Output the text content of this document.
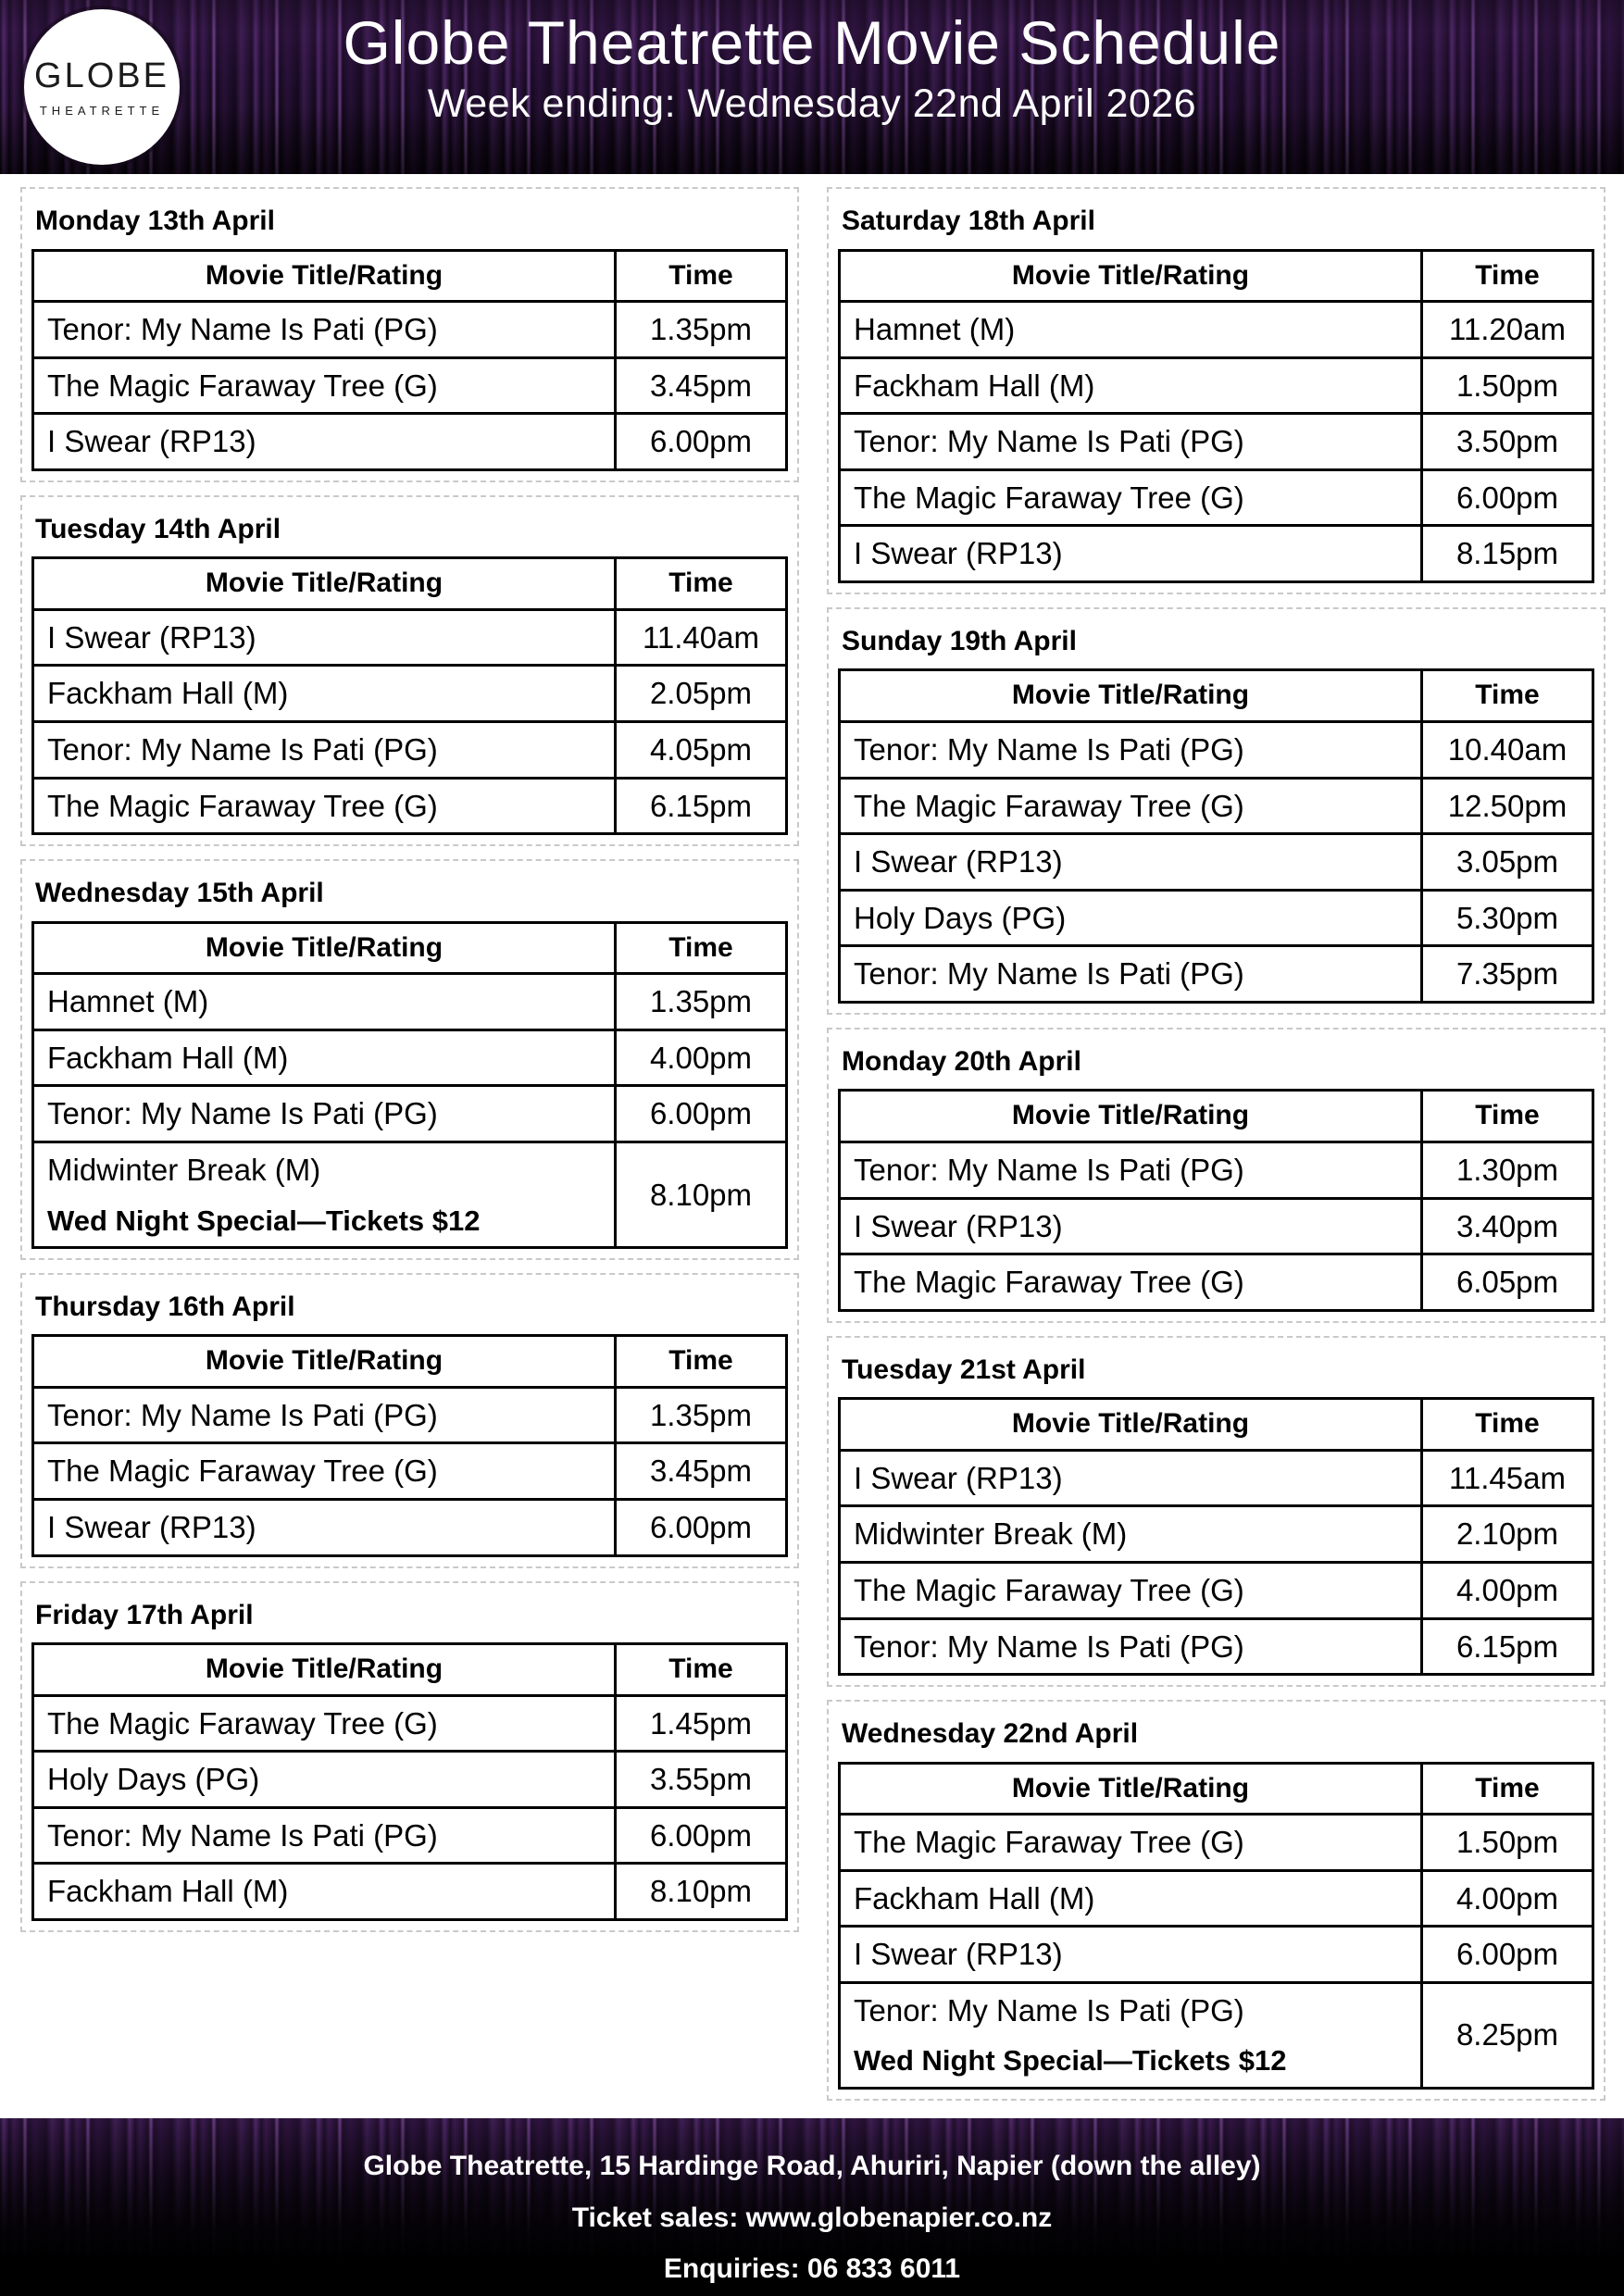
GLOBE
THEATRETTE
Globe Theatrette Movie Schedule
Week ending: Wednesday 22nd April 2026
Monday 13th April
Movie Title/Rating	Time

Tenor: My Name Is Pati (PG)	1.35pm

The Magic Faraway Tree (G)	3.45pm

I Swear (RP13)	6.00pm
Tuesday 14th April
Movie Title/Rating	Time

I Swear (RP13)	11.40am

Fackham Hall (M)	2.05pm

Tenor: My Name Is Pati (PG)	4.05pm

The Magic Faraway Tree (G)	6.15pm
Wednesday 15th April
Movie Title/Rating	Time

Hamnet (M)	1.35pm

Fackham Hall (M)	4.00pm

Tenor: My Name Is Pati (PG)	6.00pm

Midwinter Break (M)
Wed Night Special—Tickets $12	8.10pm
Thursday 16th April
Movie Title/Rating	Time

Tenor: My Name Is Pati (PG)	1.35pm

The Magic Faraway Tree (G)	3.45pm

I Swear (RP13)	6.00pm
Friday 17th April
Movie Title/Rating	Time

The Magic Faraway Tree (G)	1.45pm

Holy Days (PG)	3.55pm

Tenor: My Name Is Pati (PG)	6.00pm

Fackham Hall (M)	8.10pm
Saturday 18th April
Movie Title/Rating	Time

Hamnet (M)	11.20am

Fackham Hall (M)	1.50pm

Tenor: My Name Is Pati (PG)	3.50pm

The Magic Faraway Tree (G)	6.00pm

I Swear (RP13)	8.15pm
Sunday 19th April
Movie Title/Rating	Time

Tenor: My Name Is Pati (PG)	10.40am

The Magic Faraway Tree (G)	12.50pm

I Swear (RP13)	3.05pm

Holy Days (PG)	5.30pm

Tenor: My Name Is Pati (PG)	7.35pm
Monday 20th April
Movie Title/Rating	Time

Tenor: My Name Is Pati (PG)	1.30pm

I Swear (RP13)	3.40pm

The Magic Faraway Tree (G)	6.05pm
Tuesday 21st April
Movie Title/Rating	Time

I Swear (RP13)	11.45am

Midwinter Break (M)	2.10pm

The Magic Faraway Tree (G)	4.00pm

Tenor: My Name Is Pati (PG)	6.15pm
Wednesday 22nd April
Movie Title/Rating	Time

The Magic Faraway Tree (G)	1.50pm

Fackham Hall (M)	4.00pm

I Swear (RP13)	6.00pm

Tenor: My Name Is Pati (PG)
Wed Night Special—Tickets $12	8.25pm
Globe Theatrette, 15 Hardinge Road, Ahuriri, Napier (down the alley)
Ticket sales: www.globenapier.co.nz
Enquiries: 06 833 6011
